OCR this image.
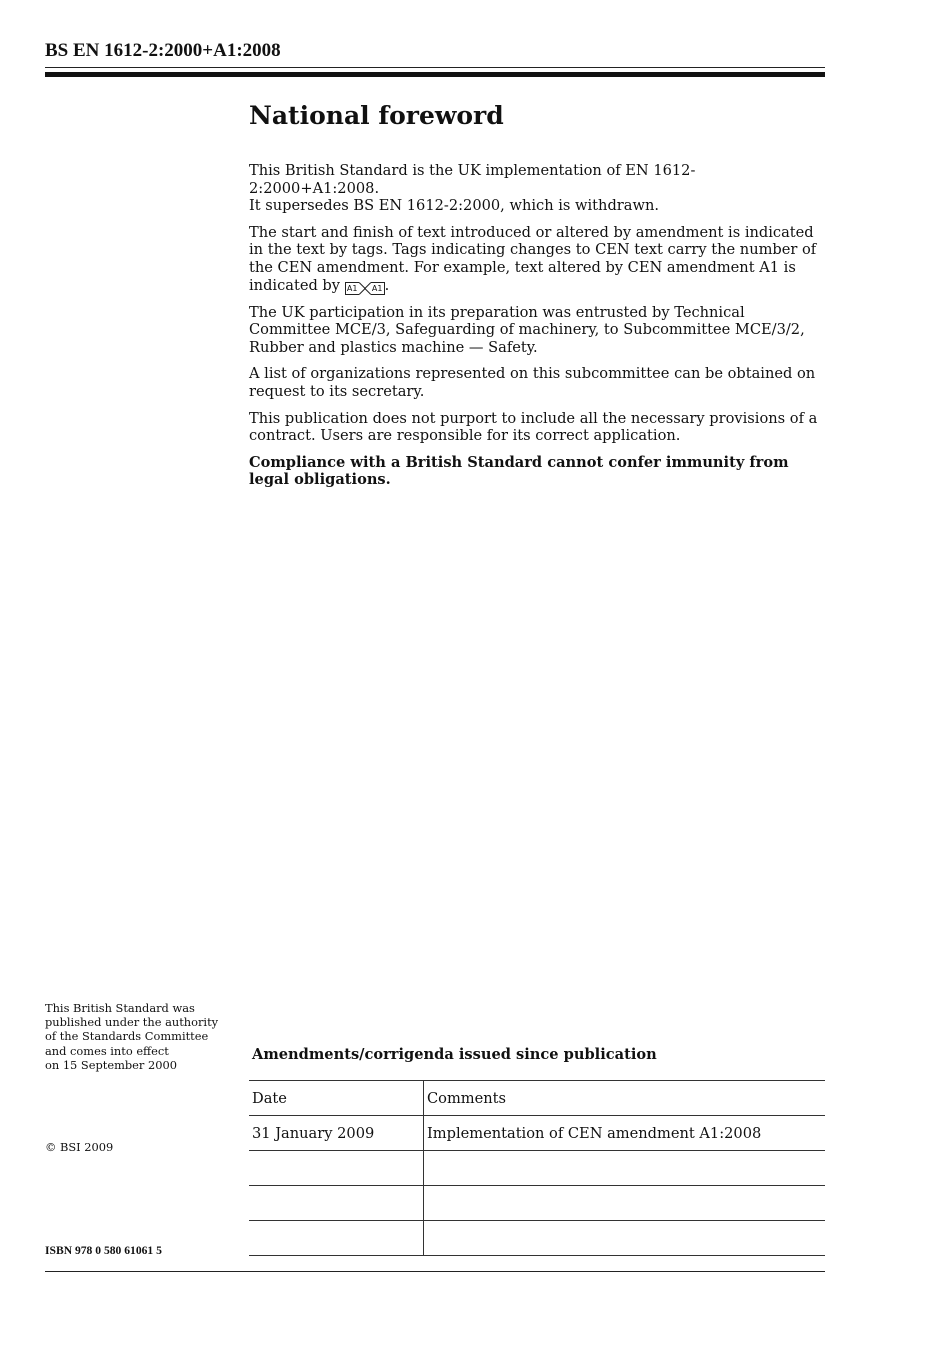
BS EN 1612-2:2000+A1:2008
National foreword

This British Standard is the UK implementation of EN 1612-2:2000+A1:2008.
It supersedes BS EN 1612-2:2000, which is withdrawn.

The start and finish of text introduced or altered by amendment is indicated in the text by tags. Tags indicating changes to CEN text carry the number of the CEN amendment. For example, text altered by CEN amendment A1 is indicated by A1 A1 .

The UK participation in its preparation was entrusted by Technical Committee MCE/3, Safeguarding of machinery, to Subcommittee MCE/3/2, Rubber and plastics machine — Safety.

A list of organizations represented on this subcommittee can be obtained on request to its secretary.

This publication does not purport to include all the necessary provisions of a contract. Users are responsible for its correct application.

Compliance with a British Standard cannot confer immunity from legal obligations.

This British Standard was
published under the authority
of the Standards Committee
and comes into effect
on 15 September 2000
© BSI 2009
ISBN 978 0 580 61061 5
Amendments/corrigenda issued since publication
Date	Comments
31 January 2009	Implementation of CEN amendment A1:2008
